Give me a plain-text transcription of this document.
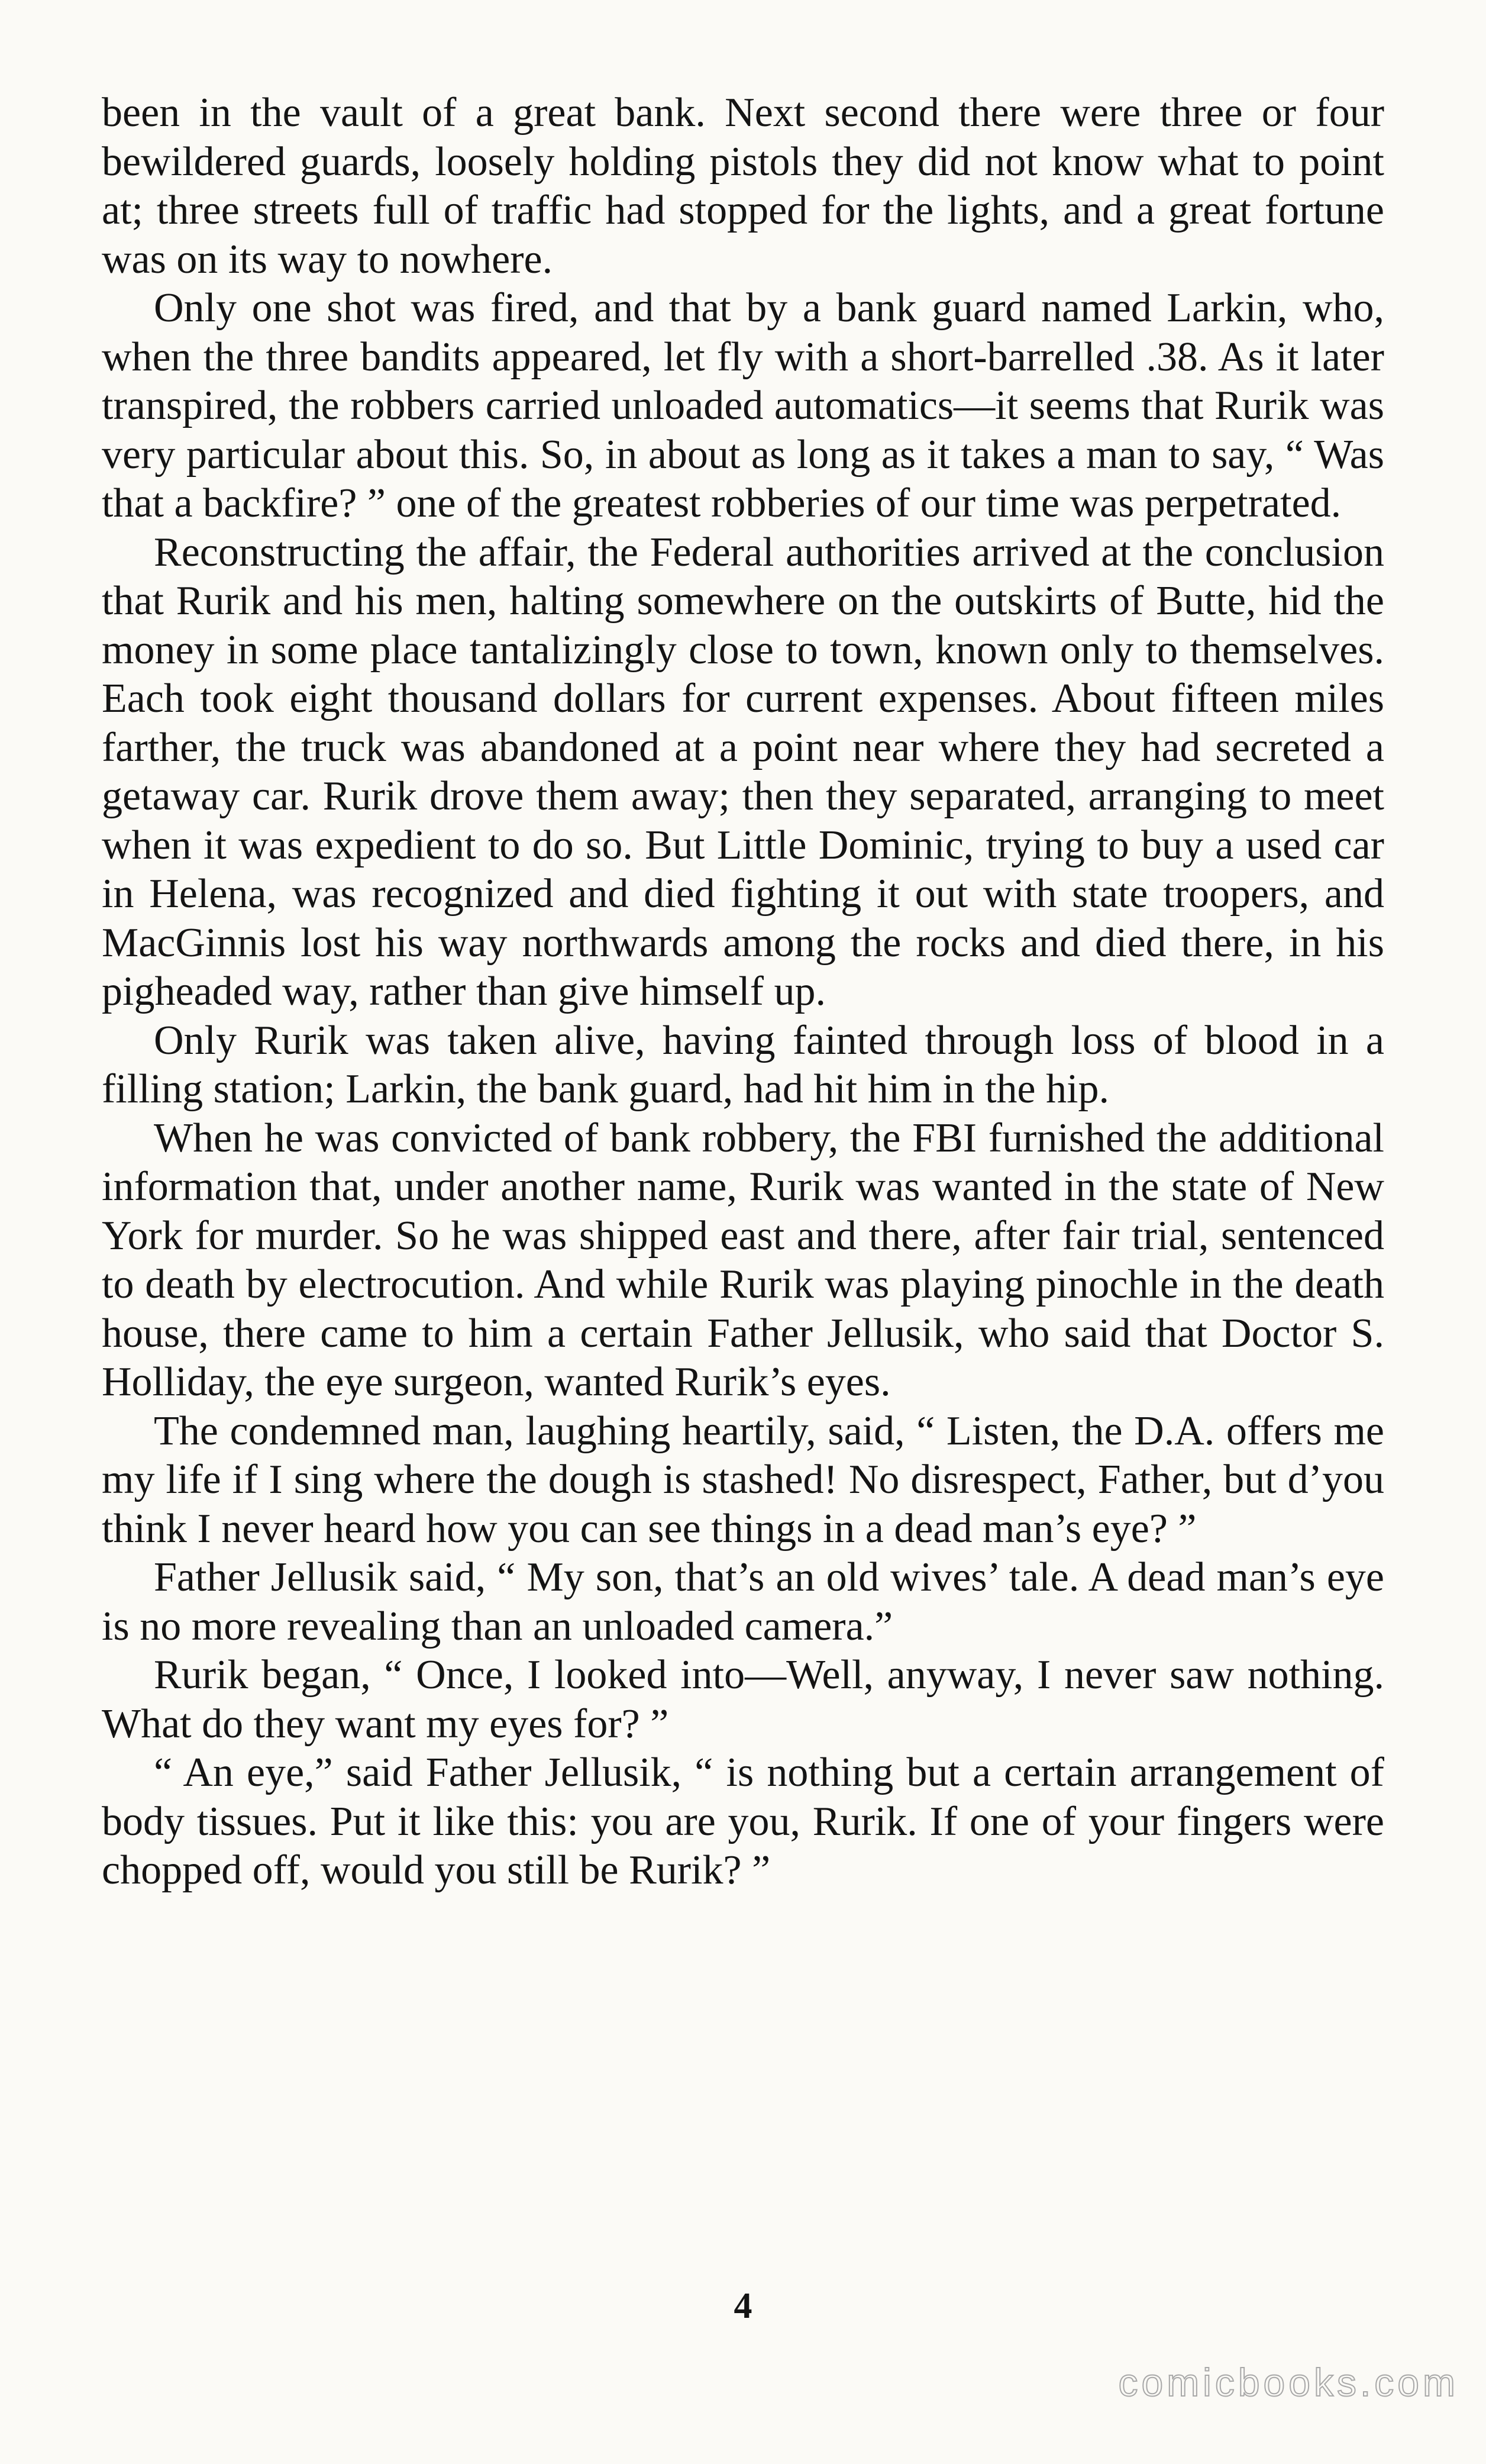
been in the vault of a great bank. Next second there were three or four bewildered guards, loosely holding pistols they did not know what to point at; three streets full of traffic had stopped for the lights, and a great fortune was on its way to nowhere.

Only one shot was fired, and that by a bank guard named Larkin, who, when the three bandits appeared, let fly with a short-barrelled .38. As it later transpired, the robbers carried unloaded automatics—it seems that Rurik was very particular about this. So, in about as long as it takes a man to say, “ Was that a backfire? ” one of the greatest robberies of our time was perpetrated.

Reconstructing the affair, the Federal authorities arrived at the conclusion that Rurik and his men, halting somewhere on the outskirts of Butte, hid the money in some place tantalizingly close to town, known only to themselves. Each took eight thousand dollars for current expenses. About fifteen miles farther, the truck was abandoned at a point near where they had secreted a getaway car. Rurik drove them away; then they separated, arranging to meet when it was expedient to do so. But Little Dominic, trying to buy a used car in Helena, was recognized and died fighting it out with state troopers, and MacGinnis lost his way northwards among the rocks and died there, in his pigheaded way, rather than give himself up.

Only Rurik was taken alive, having fainted through loss of blood in a filling station; Larkin, the bank guard, had hit him in the hip.

When he was convicted of bank robbery, the FBI furnished the additional information that, under another name, Rurik was wanted in the state of New York for murder. So he was shipped east and there, after fair trial, sentenced to death by electrocution. And while Rurik was playing pinochle in the death house, there came to him a certain Father Jellusik, who said that Doctor S. Holliday, the eye surgeon, wanted Rurik’s eyes.

The condemned man, laughing heartily, said, “ Listen, the D.A. offers me my life if I sing where the dough is stashed! No disrespect, Father, but d’you think I never heard how you can see things in a dead man’s eye? ”

Father Jellusik said, “ My son, that’s an old wives’ tale. A dead man’s eye is no more revealing than an unloaded camera.”

Rurik began, “ Once, I looked into—Well, anyway, I never saw nothing. What do they want my eyes for? ”

“ An eye,” said Father Jellusik, “ is nothing but a certain arrangement of body tissues. Put it like this: you are you, Rurik. If one of your fingers were chopped off, would you still be Rurik? ”

4
comicbooks.com
